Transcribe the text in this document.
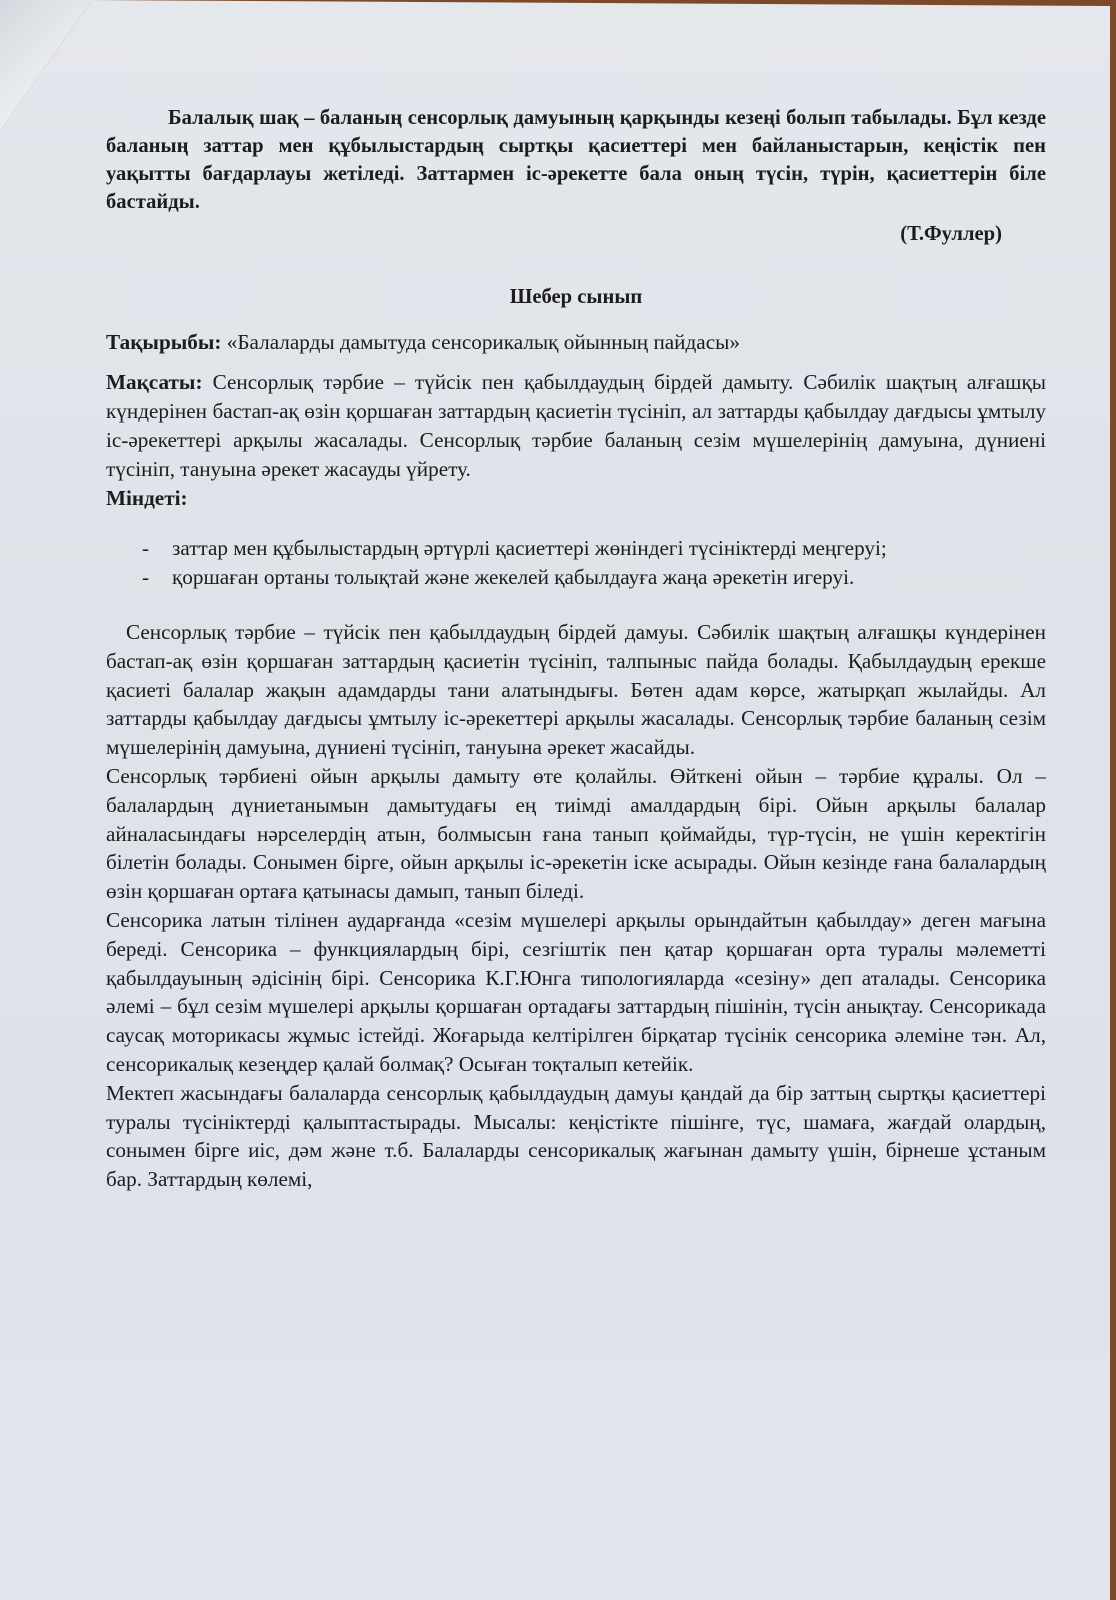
Балалық шақ – баланың сенсорлық дамуының қарқынды кезеңі болып табылады. Бұл кезде баланың заттар мен құбылыстардың сыртқы қасиеттері мен байланыстарын, кеңістік пен уақытты бағдарлауы жетіледі. Заттармен іс-әрекетте бала оның түсін, түрін, қасиеттерін біле бастайды.
(Т.Фуллер)
Шебер сынып
Тақырыбы: «Балаларды дамытуда сенсорикалық ойынның пайдасы»
Мақсаты: Сенсорлық тәрбие – түйсік пен қабылдаудың бірдей дамыту. Сәбилік шақтың алғашқы күндерінен бастап-ақ өзін қоршаған заттардың қасиетін түсініп, ал заттарды қабылдау дағдысы ұмтылу іс-әрекеттері арқылы жасалады. Сенсорлық тәрбие баланың сезім мүшелерінің дамуына, дүниені түсініп, тануына әрекет жасауды үйрету.
Міндеті:
- заттар мен құбылыстардың әртүрлі қасиеттері жөніндегі түсініктерді меңгеруі;
- қоршаған ортаны толықтай және жекелей қабылдауға жаңа әрекетін игеруі.
Сенсорлық тәрбие – түйсік пен қабылдаудың бірдей дамуы. Сәбилік шақтың алғашқы күндерінен бастап-ақ өзін қоршаған заттардың қасиетін түсініп, талпыныс пайда болады. Қабылдаудың ерекше қасиеті балалар жақын адамдарды тани алатындығы. Бөтен адам көрсе, жатырқап жылайды. Ал заттарды қабылдау дағдысы ұмтылу іс-әрекеттері арқылы жасалады. Сенсорлық тәрбие баланың сезім мүшелерінің дамуына, дүниені түсініп, тануына әрекет жасайды.
Сенсорлық тәрбиені ойын арқылы дамыту өте қолайлы. Өйткені ойын – тәрбие құралы. Ол – балалардың дүниетанымын дамытудағы ең тиімді амалдардың бірі. Ойын арқылы балалар айналасындағы нәрселердің атын, болмысын ғана танып қоймайды, түр-түсін, не үшін керектігін білетін болады. Сонымен бірге, ойын арқылы іс-әрекетін іске асырады. Ойын кезінде ғана балалардың өзін қоршаған ортаға қатынасы дамып, танып біледі.
Сенсорика латын тілінен аударғанда «сезім мүшелері арқылы орындайтын қабылдау» деген мағына береді. Сенсорика – функциялардың бірі, сезгіштік пен қатар қоршаған орта туралы мәлеметті қабылдауының әдісінің бірі. Сенсорика К.Г.Юнга типологияларда «сезіну» деп аталады. Сенсорика әлемі – бұл сезім мүшелері арқылы қоршаған ортадағы заттардың пішінін, түсін анықтау. Сенсорикада саусақ моторикасы жұмыс істейді. Жоғарыда келтірілген бірқатар түсінік сенсорика әлеміне тән. Ал, сенсорикалық кезеңдер қалай болмақ? Осыған тоқталып кетейік.
Мектеп жасындағы балаларда сенсорлық қабылдаудың дамуы қандай да бір заттың сыртқы қасиеттері туралы түсініктерді қалыптастырады. Мысалы: кеңістікте пішінге, түс, шамаға, жағдай олардың, сонымен бірге иіс, дәм және т.б. Балаларды сенсорикалық жағынан дамыту үшін, бірнеше ұстаным бар. Заттардың көлемі,
